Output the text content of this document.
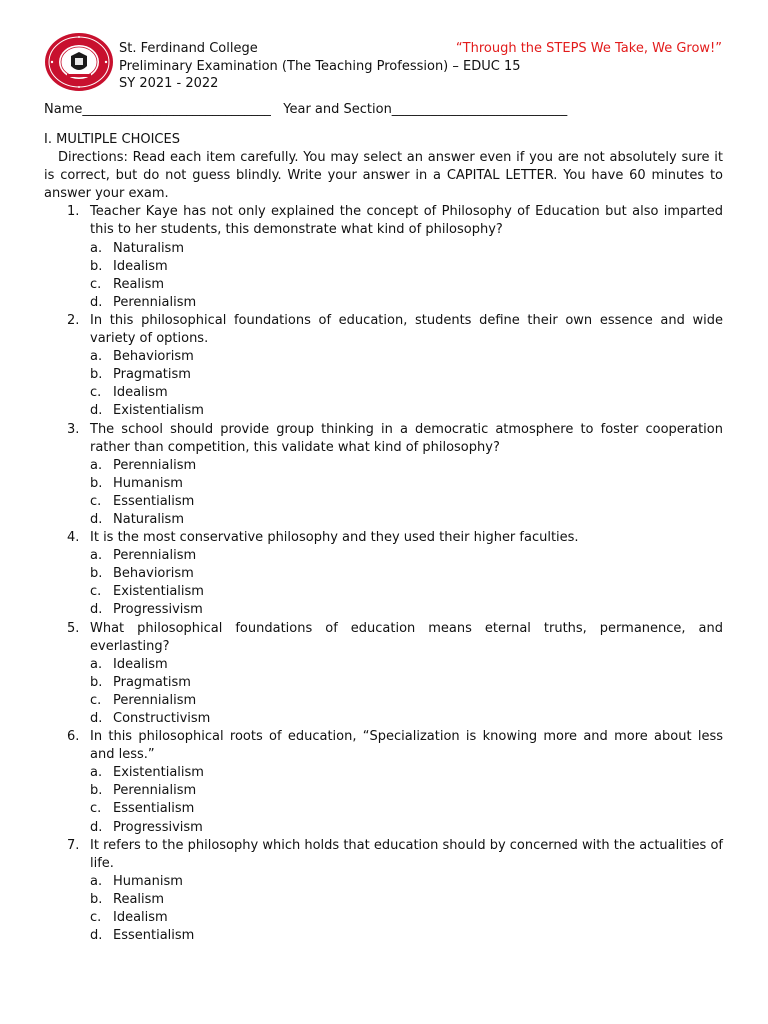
St. Ferdinand College
Preliminary Examination (The Teaching Profession) – EDUC 15
SY 2021 - 2022
“Through the STEPS We Take, We Grow!”
Name_____________________________ Year and Section___________________________

I. MULTIPLE CHOICES

Directions: Read each item carefully. You may select an answer even if you are not absolutely sure it is correct, but do not guess blindly. Write your answer in a CAPITAL LETTER. You have 60 minutes to answer your exam.

1. Teacher Kaye has not only explained the concept of Philosophy of Education but also imparted this to her students, this demonstrate what kind of philosophy?
a. Naturalism
b. Idealism
c. Realism
d. Perennialism
2. In this philosophical foundations of education, students define their own essence and wide variety of options.
a. Behaviorism
b. Pragmatism
c. Idealism
d. Existentialism
3. The school should provide group thinking in a democratic atmosphere to foster cooperation rather than competition, this validate what kind of philosophy?
a. Perennialism
b. Humanism
c. Essentialism
d. Naturalism
4. It is the most conservative philosophy and they used their higher faculties.
a. Perennialism
b. Behaviorism
c. Existentialism
d. Progressivism
5. What philosophical foundations of education means eternal truths, permanence, and everlasting?
a. Idealism
b. Pragmatism
c. Perennialism
d. Constructivism
6. In this philosophical roots of education, “Specialization is knowing more and more about less and less.”
a. Existentialism
b. Perennialism
c. Essentialism
d. Progressivism
7. It refers to the philosophy which holds that education should by concerned with the actualities of life.
a. Humanism
b. Realism
c. Idealism
d. Essentialism
